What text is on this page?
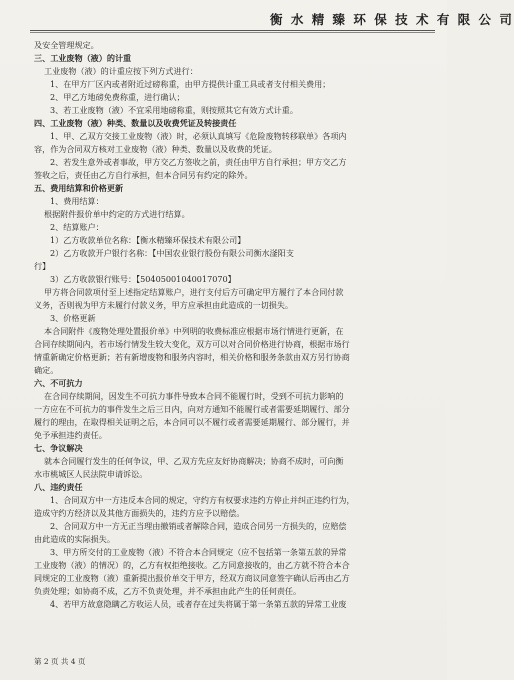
衡 水 精 臻 环 保 技 术 有 限 公 司

及安全管理规定。

三、工业废物（液）的计重

工业废物（液）的计重应按下列方式进行：

1、在甲方厂区内或者附近过磅称重，由甲方提供计重工具或者支付相关费用；

2、甲乙方地磅免费称重，进行确认；

3、若工业废物（液）不宜采用地磅称重，则按照其它有效方式计重。

四、工业废物（液）种类、数量以及收费凭证及转接责任

1、甲、乙双方交接工业废物（液）时，必须认真填写《危险废物转移联单》各项内

容，作为合同双方核对工业废物（液）种类、数量以及收费的凭证。

2、若发生意外或者事故，甲方交乙方签收之前，责任由甲方自行承担；甲方交乙方

签收之后，责任由乙方自行承担，但本合同另有约定的除外。

五、费用结算和价格更新

1、费用结算：

根据附件报价单中约定的方式进行结算。

2、结算账户：

1）乙方收款单位名称：【衡水精臻环保技术有限公司】

2）乙方收款开户银行名称：【中国农业银行股份有限公司衡水滏阳支

行】

3）乙方收款银行账号：【50405001040017070】

甲方将合同款项付至上述指定结算账户，进行支付后方可确定甲方履行了本合同付款

义务，否则视为甲方未履行付款义务，甲方应承担由此造成的一切损失。

3、价格更新

本合同附件《废物处理处置报价单》中列明的收费标准应根据市场行情进行更新，在

合同存续期间内，若市场行情发生较大变化，双方可以对合同价格进行协商，根据市场行

情重新确定价格更新；若有新增废物和服务内容时，相关价格和服务条款由双方另行协商

确定。

六、不可抗力

在合同存续期间，因发生不可抗力事件导致本合同不能履行时，受到不可抗力影响的

一方应在不可抗力的事件发生之后三日内，向对方通知不能履行或者需要延期履行、部分

履行的理由，在取得相关证明之后，本合同可以不履行或者需要延期履行、部分履行，并

免予承担违约责任。

七、争议解决

就本合同履行发生的任何争议，甲、乙双方先应友好协商解决；协商不成时，可向衡

水市桃城区人民法院申请诉讼。

八、违约责任

1、合同双方中一方违反本合同的规定，守约方有权要求违约方停止并纠正违约行为，

造成守约方经济以及其他方面损失的，违约方应予以赔偿。

2、合同双方中一方无正当理由撤销或者解除合同，造成合同另一方损失的，应赔偿

由此造成的实际损失。

3、甲方所交付的工业废物（液）不符合本合同规定（应不包括第一条第五款的异常

工业废物（液）的情况）的，乙方有权拒绝接收。乙方同意接收的，由乙方就不符合本合

同规定的工业废物（液）重新提出报价单交于甲方，经双方商议同意签字确认后再由乙方

负责处理；如协商不成，乙方不负责处理，并不承担由此产生的任何责任。

4、若甲方故意隐瞒乙方收运人员，或者存在过失将属于第一条第五款的异常工业废

第 2 页 共 4 页
